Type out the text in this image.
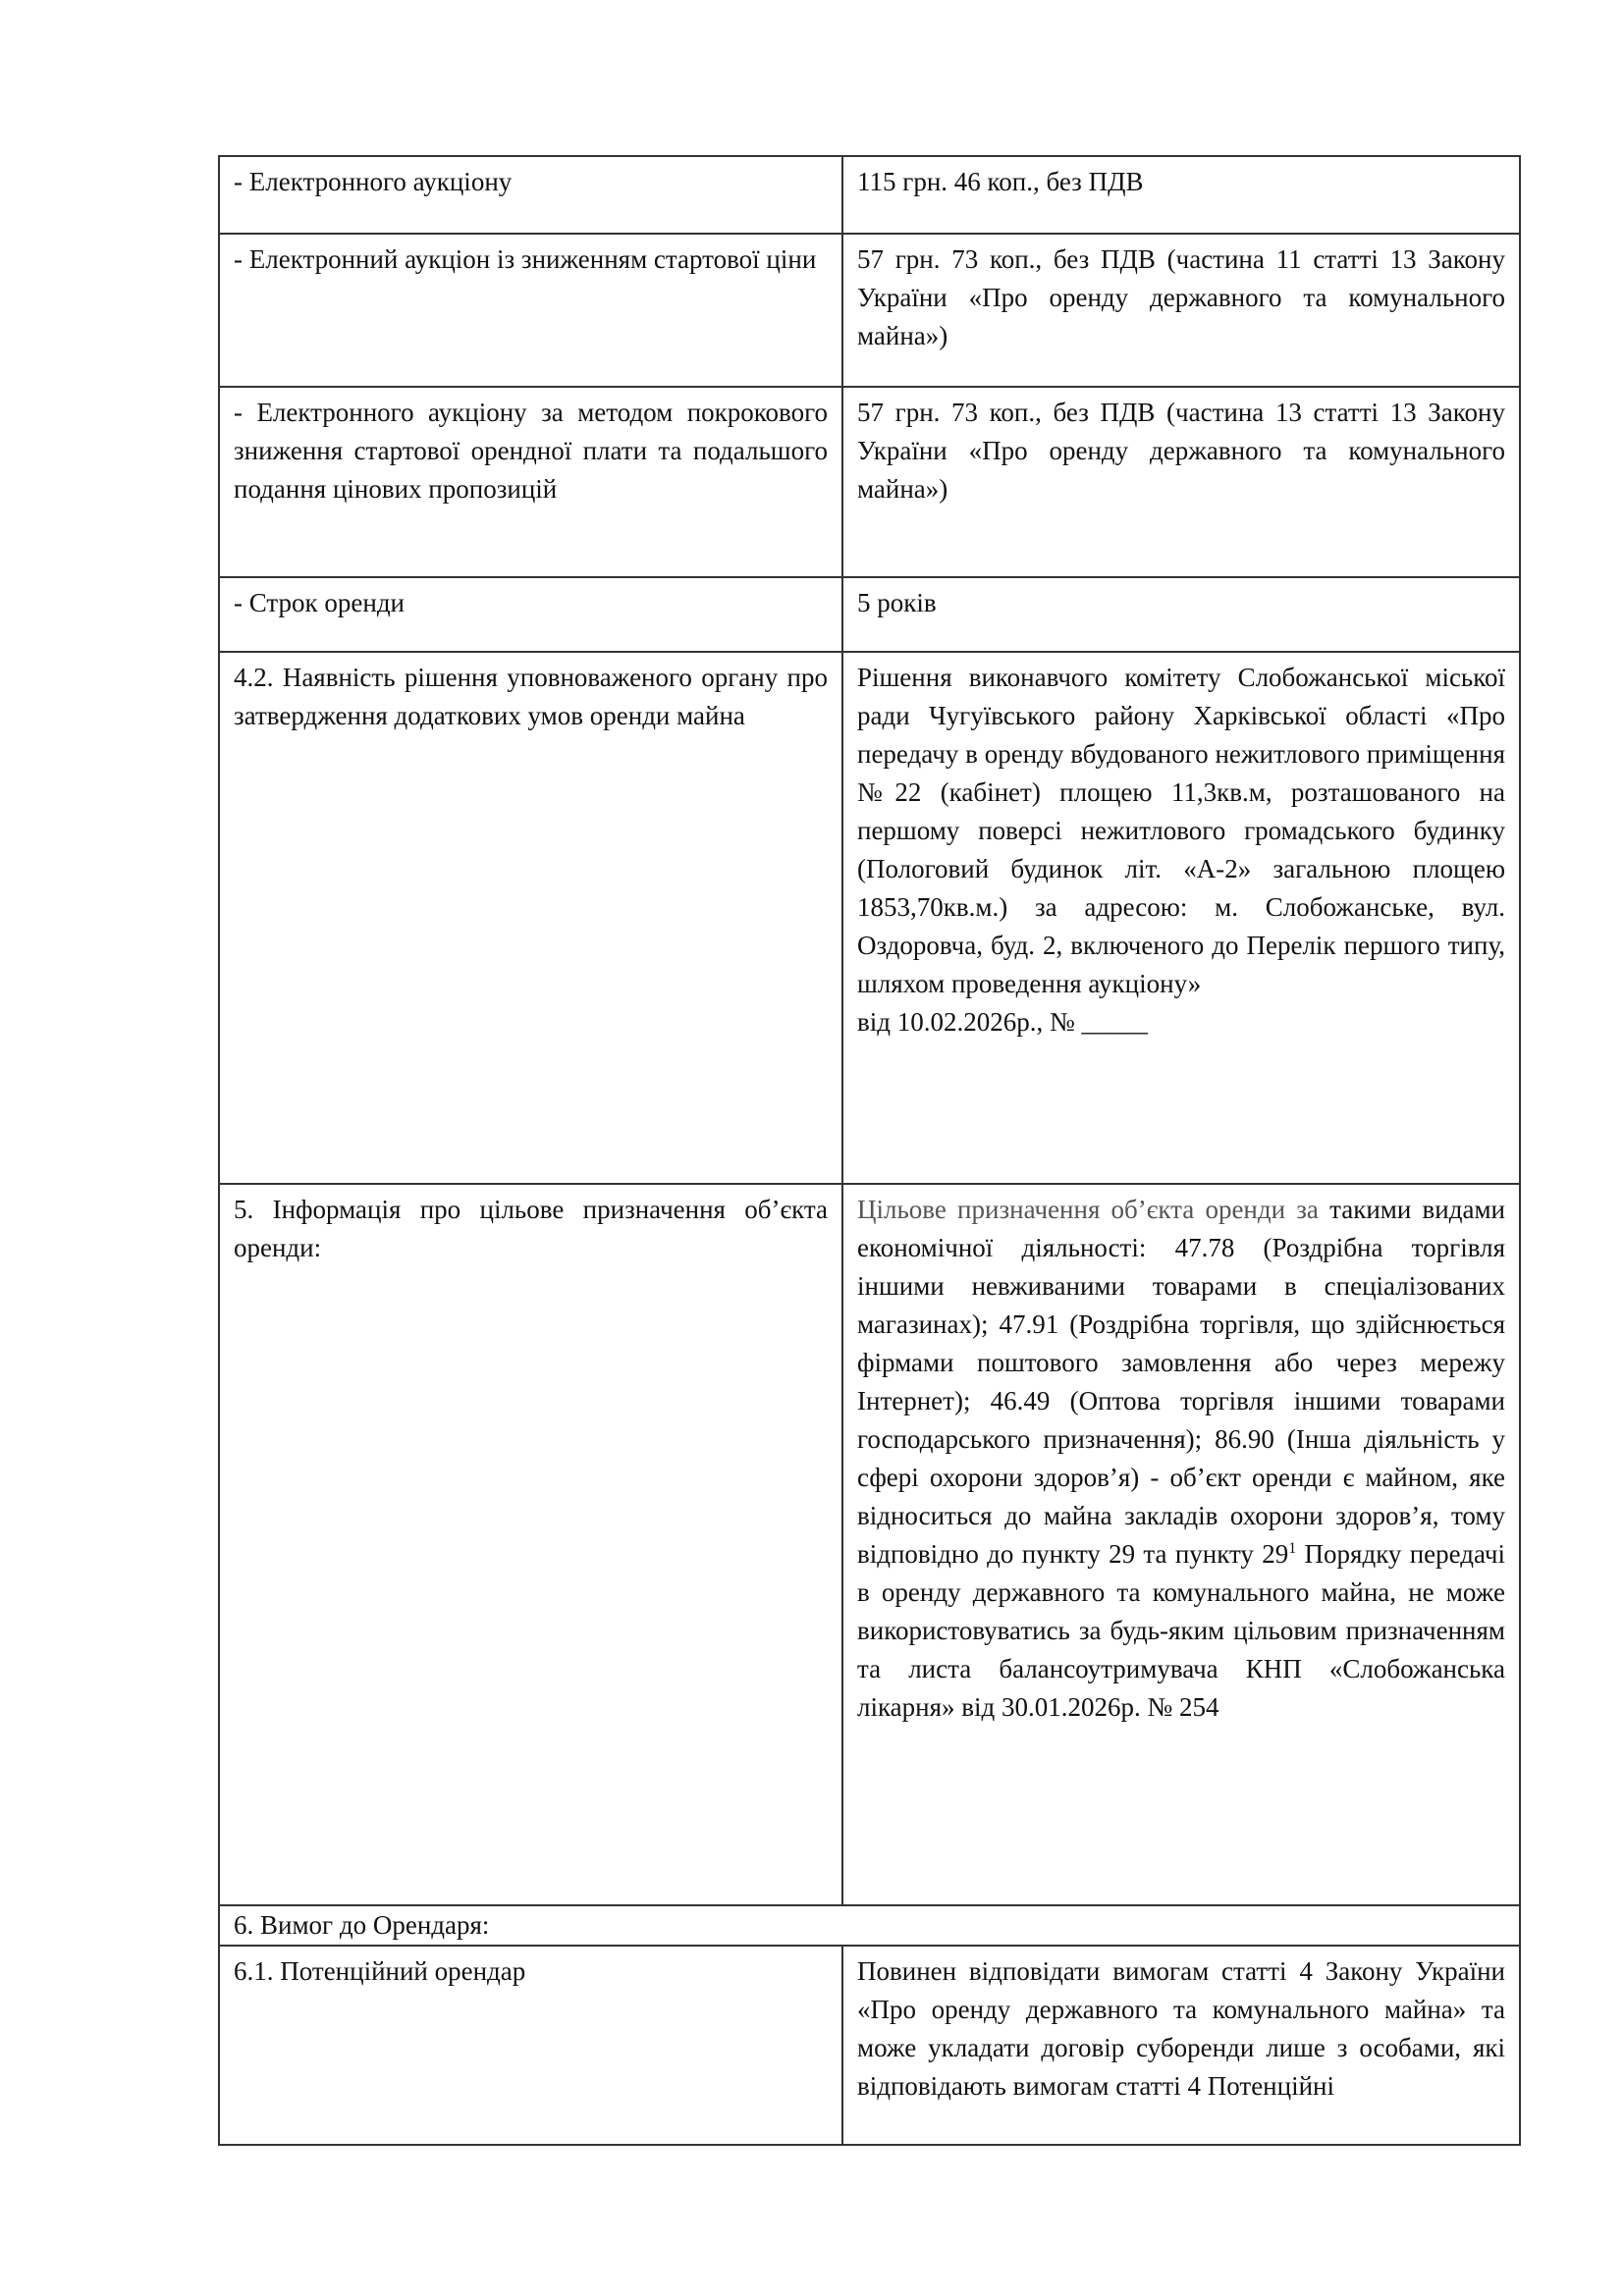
- Електронного аукціону	115 грн. 46 коп., без ПДВ
- Електронний аукціон із зниженням стартової ціни	57 грн. 73 коп., без ПДВ (частина 11 статті 13 Закону України «Про оренду державного та комунального майна»)
- Електронного аукціону за методом покрокового зниження стартової орендної плати та подальшого подання цінових пропозицій	57 грн. 73 коп., без ПДВ (частина 13 статті 13 Закону України «Про оренду державного та комунального майна»)
- Строк оренди	5 років
4.2. Наявність рішення уповноваженого органу про затвердження додаткових умов оренди майна	Рішення виконавчого комітету Слобожанської міської ради Чугуївського району Харківської області «Про передачу в оренду вбудованого нежитлового приміщення №22 (кабінет) площею 11,3кв.м, розташованого на першому поверсі нежитлового громадського будинку (Пологовий будинок літ. «А-2» загальною площею 1853,70кв.м.) за адресою: м. Слобожанське, вул. Оздоровча, буд. 2, включеного до Перелік першого типу, шляхом проведення аукціону»
від 10.02.2026р., № _____

5. Інформація про цільове призначення об’єкта оренди:	Цільове призначення об’єкта оренди за такими видами економічної діяльності: 47.78 (Роздрібна торгівля іншими невживаними товарами в спеціалізованих магазинах); 47.91 (Роздрібна торгівля, що здійснюється фірмами поштового замовлення або через мережу Інтернет); 46.49 (Оптова торгівля іншими товарами господарського призначення); 86.90 (Інша діяльність у сфері охорони здоров’я) - об’єкт оренди є майном, яке відноситься до майна закладів охорони здоров’я, тому відповідно до пункту 29 та пункту $29^1$ Порядку передачі в оренду державного та комунального майна, не може використовуватись за будь-яким цільовим призначенням та листа балансоутримувача КНП «Слобожанська лікарня» від 30.01.2026р. № 254
6. Вимог до Орендаря:	

6.1. Потенційний орендар	Повинен відповідати вимогам статті 4 Закону України «Про оренду державного та комунального майна» та може укладати договір суборенди лише з особами, які відповідають вимогам статті 4 Потенційні
